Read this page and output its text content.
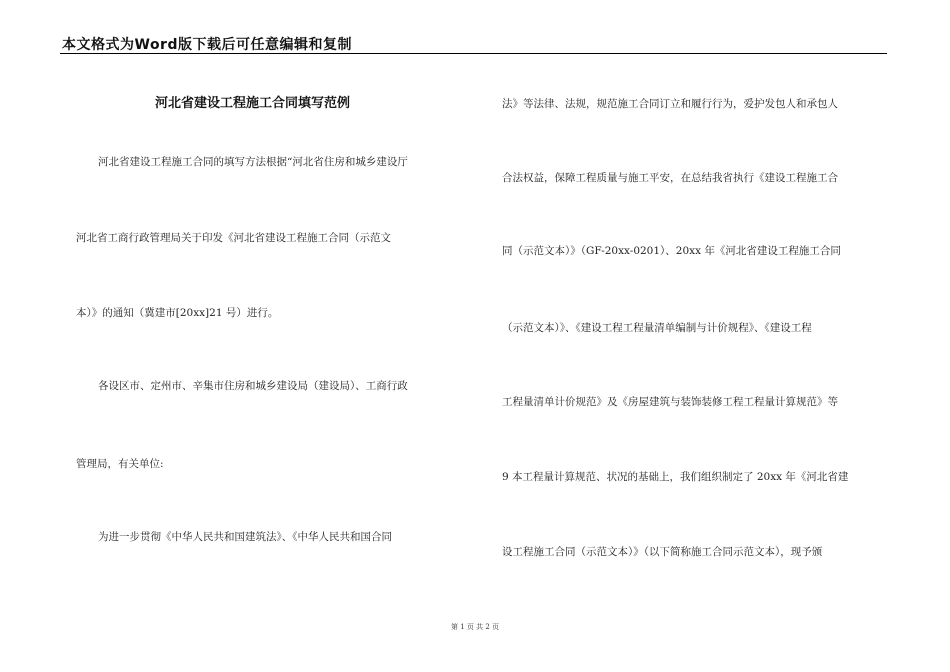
本文格式为Word版下载后可任意编辑和复制
河北省建设工程施工合同填写范例
河北省建设工程施工合同的填写方法根据“河北省住房和城乡建设厅
河北省工商行政管理局关于印发《河北省建设工程施工合同（示范文
本）》的通知（冀建市[20xx]21 号）进行。
各设区市、定州市、辛集市住房和城乡建设局（建设局）、工商行政
管理局，有关单位:
为进一步贯彻《中华人民共和国建筑法》、《中华人民共和国合同
法》等法律、法规，规范施工合同订立和履行行为，爱护发包人和承包人
合法权益，保障工程质量与施工平安，在总结我省执行《建设工程施工合
同（示范文本）》（GF-20xx-0201）、20xx 年《河北省建设工程施工合同
（示范文本）》、《建设工程工程量清单编制与计价规程》、《建设工程
工程量清单计价规范》及《房屋建筑与装饰装修工程工程量计算规范》等
9 本工程量计算规范、状况的基础上，我们组织制定了 20xx 年《河北省建
设工程施工合同（示范文本）》（以下简称施工合同示范文本），现予颁
第 1 页 共 2 页
